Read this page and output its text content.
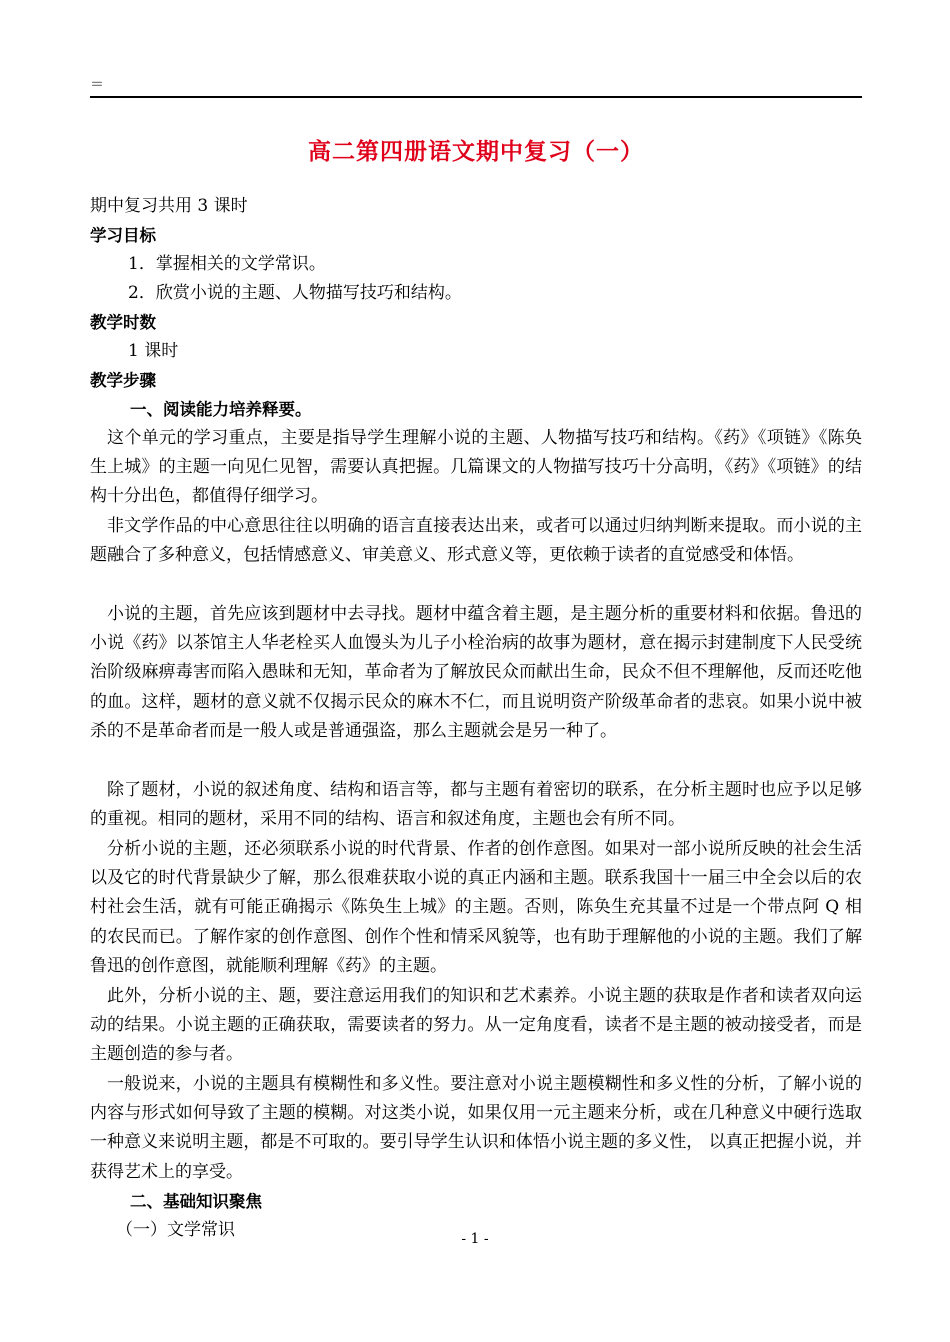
＝
高二第四册语文期中复习（一）
期中复习共用 3 课时
学习目标
1．掌握相关的文学常识。
2．欣赏小说的主题、人物描写技巧和结构。
教学时数
1 课时
教学步骤
一、阅读能力培养释要。

这个单元的学习重点，主要是指导学生理解小说的主题、人物描写技巧和结构。《药》《项链》《陈奂生上城》的主题一向见仁见智，需要认真把握。几篇课文的人物描写技巧十分高明，《药》《项链》的结构十分出色，都值得仔细学习。

非文学作品的中心意思往往以明确的语言直接表达出来，或者可以通过归纳判断来提取。而小说的主题融合了多种意义，包括情感意义、审美意义、形式意义等，更依赖于读者的直觉感受和体悟。

小说的主题，首先应该到题材中去寻找。题材中蕴含着主题，是主题分析的重要材料和依据。鲁迅的小说《药》以茶馆主人华老栓买人血馒头为儿子小栓治病的故事为题材，意在揭示封建制度下人民受统治阶级麻痹毒害而陷入愚昧和无知，革命者为了解放民众而献出生命，民众不但不理解他，反而还吃他的血。这样，题材的意义就不仅揭示民众的麻木不仁，而且说明资产阶级革命者的悲哀。如果小说中被杀的不是革命者而是一般人或是普通强盗，那么主题就会是另一种了。

除了题材，小说的叙述角度、结构和语言等，都与主题有着密切的联系，在分析主题时也应予以足够的重视。相同的题材，采用不同的结构、语言和叙述角度，主题也会有所不同。

分析小说的主题，还必须联系小说的时代背景、作者的创作意图。如果对一部小说所反映的社会生活以及它的时代背景缺少了解，那么很难获取小说的真正内涵和主题。联系我国十一届三中全会以后的农村社会生活，就有可能正确揭示《陈奂生上城》的主题。否则，陈奂生充其量不过是一个带点阿 Q 相的农民而已。了解作家的创作意图、创作个性和情采风貌等，也有助于理解他的小说的主题。我们了解鲁迅的创作意图，就能顺利理解《药》的主题。

此外，分析小说的主、题，要注意运用我们的知识和艺术素养。小说主题的获取是作者和读者双向运动的结果。小说主题的正确获取，需要读者的努力。从一定角度看，读者不是主题的被动接受者，而是主题创造的参与者。

一般说来，小说的主题具有模糊性和多义性。要注意对小说主题模糊性和多义性的分析，了解小说的内容与形式如何导致了主题的模糊。对这类小说，如果仅用一元主题来分析，或在几种意义中硬行选取一种意义来说明主题，都是不可取的。要引导学生认识和体悟小说主题的多义性， 以真正把握小说，并获得艺术上的享受。

二、基础知识聚焦
（一）文学常识	- 1 -
